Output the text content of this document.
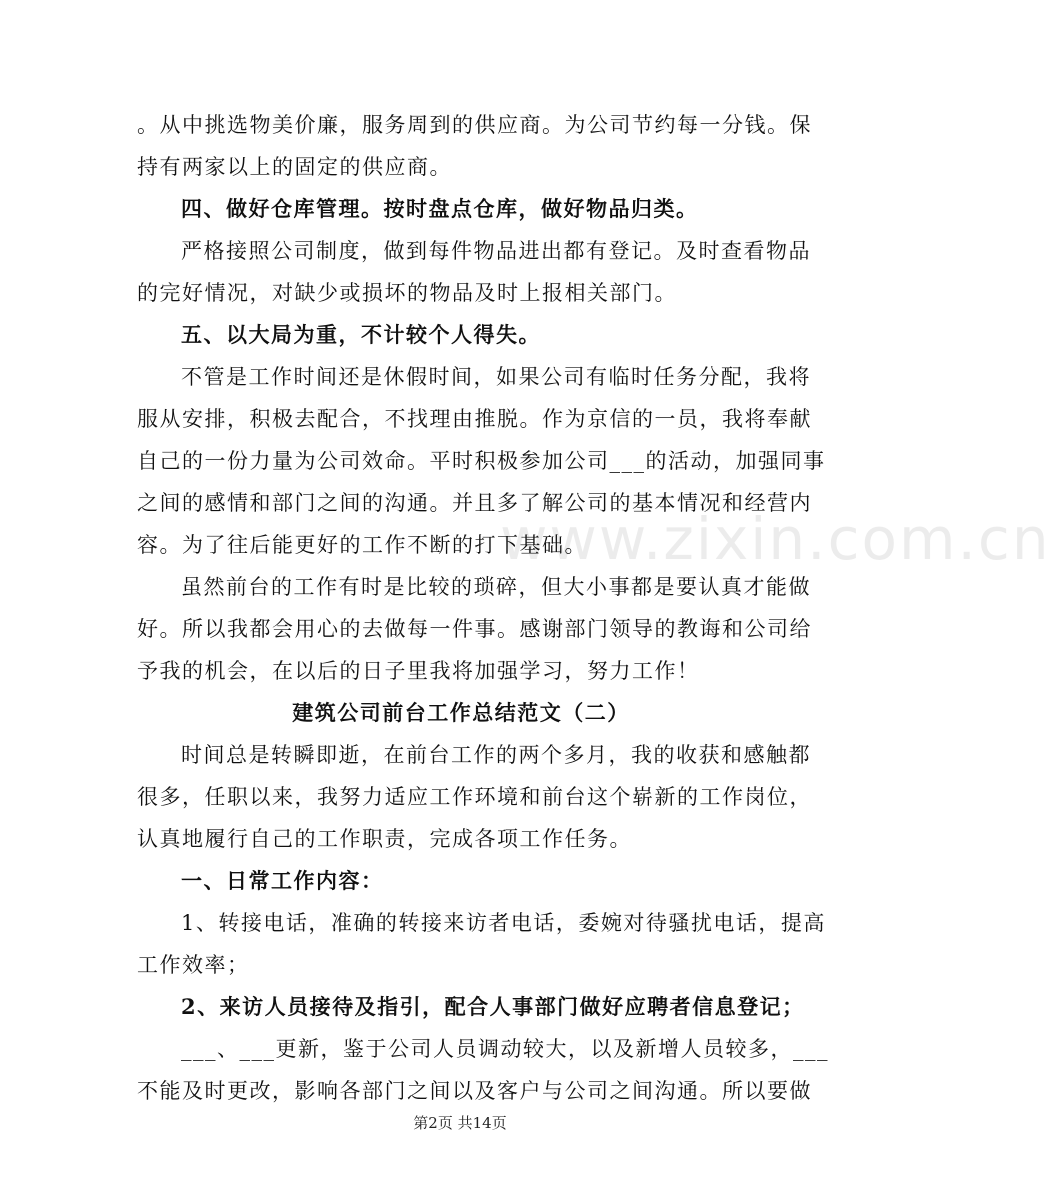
www.zixin.com.cn
。从中挑选物美价廉，服务周到的供应商。为公司节约每一分钱。保
持有两家以上的固定的供应商。
四、做好仓库管理。按时盘点仓库，做好物品归类。
严格接照公司制度，做到每件物品进出都有登记。及时查看物品
的完好情况，对缺少或损坏的物品及时上报相关部门。
五、以大局为重，不计较个人得失。
不管是工作时间还是休假时间，如果公司有临时任务分配，我将
服从安排，积极去配合，不找理由推脱。作为京信的一员，我将奉献
自己的一份力量为公司效命。平时积极参加公司___的活动，加强同事
之间的感情和部门之间的沟通。并且多了解公司的基本情况和经营内
容。为了往后能更好的工作不断的打下基础。
虽然前台的工作有时是比较的琐碎，但大小事都是要认真才能做
好。所以我都会用心的去做每一件事。感谢部门领导的教诲和公司给
予我的机会，在以后的日子里我将加强学习，努力工作！
建筑公司前台工作总结范文（二）
时间总是转瞬即逝，在前台工作的两个多月，我的收获和感触都
很多，任职以来，我努力适应工作环境和前台这个崭新的工作岗位，
认真地履行自己的工作职责，完成各项工作任务。
一、日常工作内容：
1、转接电话，准确的转接来访者电话，委婉对待骚扰电话，提高
工作效率；
2、来访人员接待及指引，配合人事部门做好应聘者信息登记；
___、___更新，鉴于公司人员调动较大，以及新增人员较多，___
不能及时更改，影响各部门之间以及客户与公司之间沟通。所以要做
第2页 共14页
